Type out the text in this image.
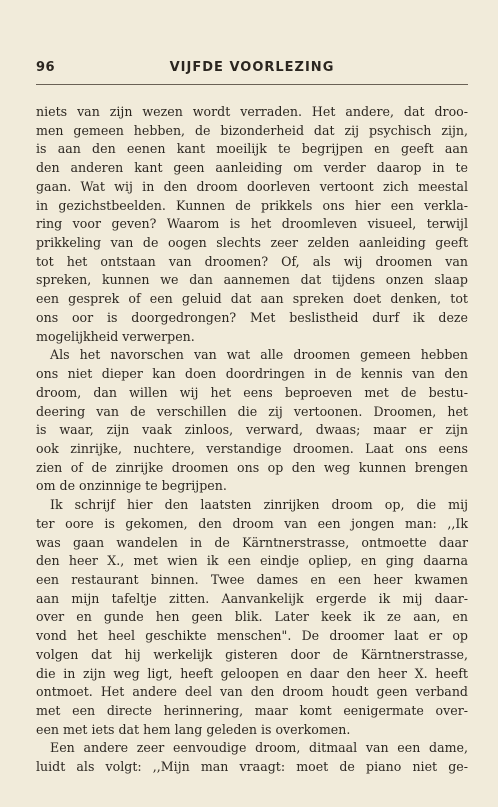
96	VIJFDE VOORLEZING
niets van zijn wezen wordt verraden. Het andere, dat droo-
men gemeen hebben, de bizonderheid dat zij psychisch zijn,
is aan den eenen kant moeilijk te begrijpen en geeft aan
den anderen kant geen aanleiding om verder daarop in te
gaan. Wat wij in den droom doorleven vertoont zich meestal
in gezichstbeelden. Kunnen de prikkels ons hier een verkla-
ring voor geven? Waarom is het droomleven visueel, terwijl
prikkeling van de oogen slechts zeer zelden aanleiding geeft
tot het ontstaan van droomen? Of, als wij droomen van
spreken, kunnen we dan aannemen dat tijdens onzen slaap
een gesprek of een geluid dat aan spreken doet denken, tot
ons oor is doorgedrongen? Met beslistheid durf ik deze
mogelijkheid verwerpen.
Als het navorschen van wat alle droomen gemeen hebben
ons niet dieper kan doen doordringen in de kennis van den
droom, dan willen wij het eens beproeven met de bestu-
deering van de verschillen die zij vertoonen. Droomen, het
is waar, zijn vaak zinloos, verward, dwaas; maar er zijn
ook zinrijke, nuchtere, verstandige droomen. Laat ons eens
zien of de zinrijke droomen ons op den weg kunnen brengen
om de onzinnige te begrijpen.
Ik schrijf hier den laatsten zinrijken droom op, die mij
ter oore is gekomen, den droom van een jongen man: ,,Ik
was gaan wandelen in de Kärntnerstrasse, ontmoette daar
den heer X., met wien ik een eindje opliep, en ging daarna
een restaurant binnen. Twee dames en een heer kwamen
aan mijn tafeltje zitten. Aanvankelijk ergerde ik mij daar-
over en gunde hen geen blik. Later keek ik ze aan, en
vond het heel geschikte menschen". De droomer laat er op
volgen dat hij werkelijk gisteren door de Kärntnerstrasse,
die in zijn weg ligt, heeft geloopen en daar den heer X. heeft
ontmoet. Het andere deel van den droom houdt geen verband
met een directe herinnering, maar komt eenigermate over-
een met iets dat hem lang geleden is overkomen.
Een andere zeer eenvoudige droom, ditmaal van een dame,
luidt als volgt: ,,Mijn man vraagt: moet de piano niet ge-
